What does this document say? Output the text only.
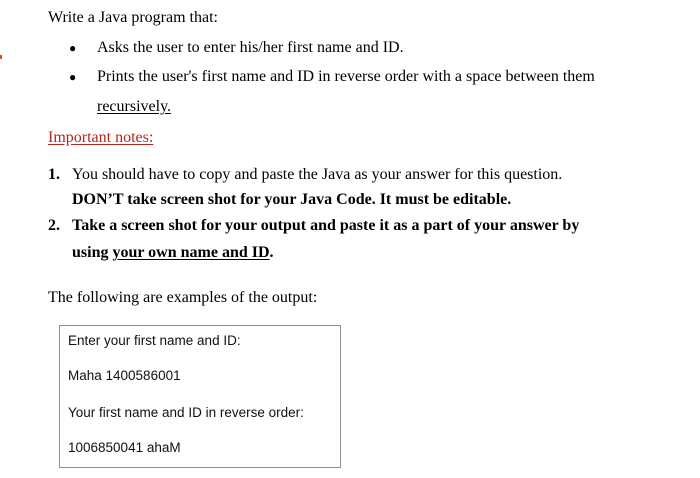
Write a Java program that:
● Asks the user to enter his/her first name and ID.
● Prints the user's first name and ID in reverse order with a space between them
recursively.
Important notes:
1. You should have to copy and paste the Java as your answer for this question.
DON’T take screen shot for your Java Code. It must be editable.
2. Take a screen shot for your output and paste it as a part of your answer by
using your own name and ID.
The following are examples of the output:
Enter your first name and ID:
Maha 1400586001
Your first name and ID in reverse order:
1006850041 ahaM
